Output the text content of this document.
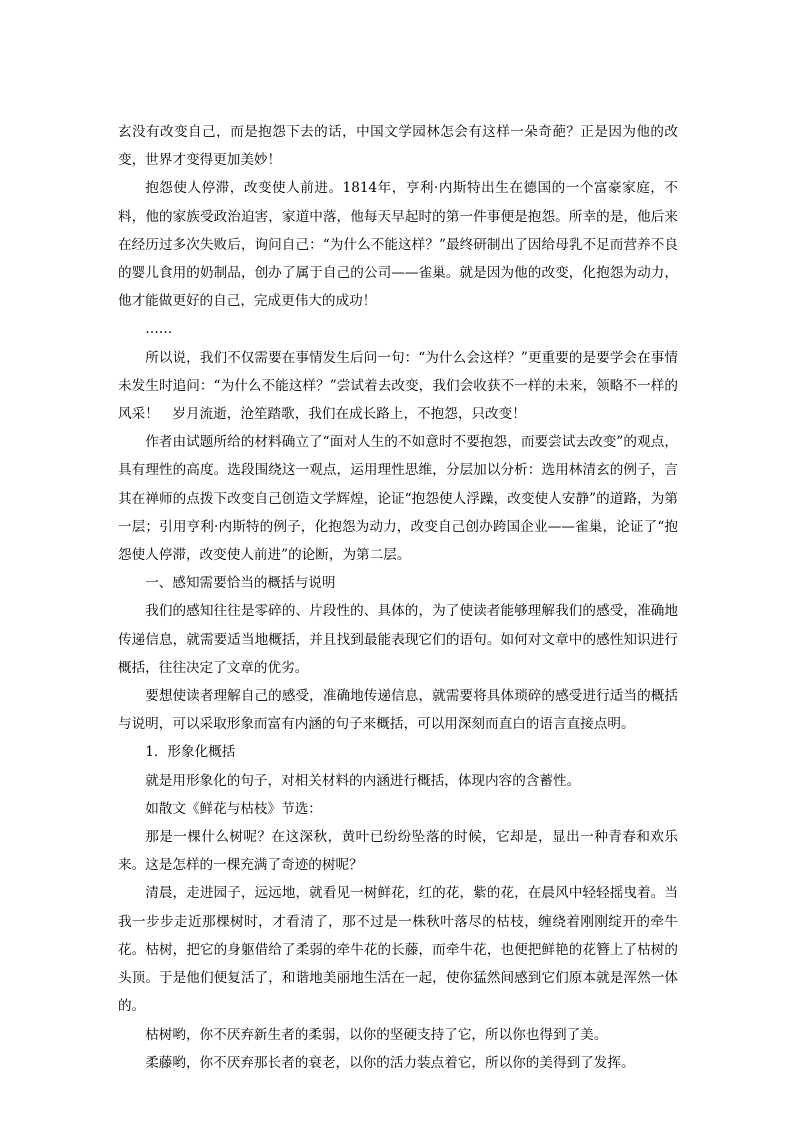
玄没有改变自己，而是抱怨下去的话，中国文学园林怎会有这样一朵奇葩？正是因为他的改变，世界才变得更加美妙！

抱怨使人停滞，改变使人前进。1814年，亨利·内斯特出生在德国的一个富豪家庭，不料，他的家族受政治迫害，家道中落，他每天早起时的第一件事便是抱怨。所幸的是，他后来在经历过多次失败后，询问自己：“为什么不能这样？”最终研制出了因给母乳不足而营养不良的婴儿食用的奶制品，创办了属于自己的公司——雀巢。就是因为他的改变，化抱怨为动力，他才能做更好的自己，完成更伟大的成功！

……

所以说，我们不仅需要在事情发生后问一句：“为什么会这样？”更重要的是要学会在事情未发生时追问：“为什么不能这样？”尝试着去改变，我们会收获不一样的未来，领略不一样的风采！　岁月流逝，沧笙踏歌，我们在成长路上，不抱怨，只改变！

作者由试题所给的材料确立了“面对人生的不如意时不要抱怨，而要尝试去改变”的观点，具有理性的高度。选段围绕这一观点，运用理性思维，分层加以分析：选用林清玄的例子，言其在禅师的点拨下改变自己创造文学辉煌，论证“抱怨使人浮躁，改变使人安静”的道路，为第一层；引用亨利·内斯特的例子，化抱怨为动力，改变自己创办跨国企业——雀巢，论证了“抱怨使人停滞，改变使人前进”的论断，为第二层。

一、感知需要恰当的概括与说明

我们的感知往往是零碎的、片段性的、具体的，为了使读者能够理解我们的感受，准确地传递信息，就需要适当地概括，并且找到最能表现它们的语句。如何对文章中的感性知识进行概括，往往决定了文章的优劣。

要想使读者理解自己的感受，准确地传递信息，就需要将具体琐碎的感受进行适当的概括与说明，可以采取形象而富有内涵的句子来概括，可以用深刻而直白的语言直接点明。

1．形象化概括

就是用形象化的句子，对相关材料的内涵进行概括，体现内容的含蓄性。

如散文《鲜花与枯枝》节选：

那是一棵什么树呢？在这深秋，黄叶已纷纷坠落的时候，它却是，显出一种青春和欢乐来。这是怎样的一棵充满了奇迹的树呢？

清晨，走进园子，远远地，就看见一树鲜花，红的花，紫的花，在晨风中轻轻摇曳着。当我一步步走近那棵树时，才看清了，那不过是一株秋叶落尽的枯枝，缠绕着刚刚绽开的牵牛花。枯树，把它的身躯借给了柔弱的牵牛花的长藤，而牵牛花，也便把鲜艳的花簪上了枯树的头顶。于是他们便复活了，和谐地美丽地生活在一起，使你猛然间感到它们原本就是浑然一体的。

枯树哟，你不厌弃新生者的柔弱，以你的坚硬支持了它，所以你也得到了美。

柔藤哟，你不厌弃那长者的衰老，以你的活力装点着它，所以你的美得到了发挥。
